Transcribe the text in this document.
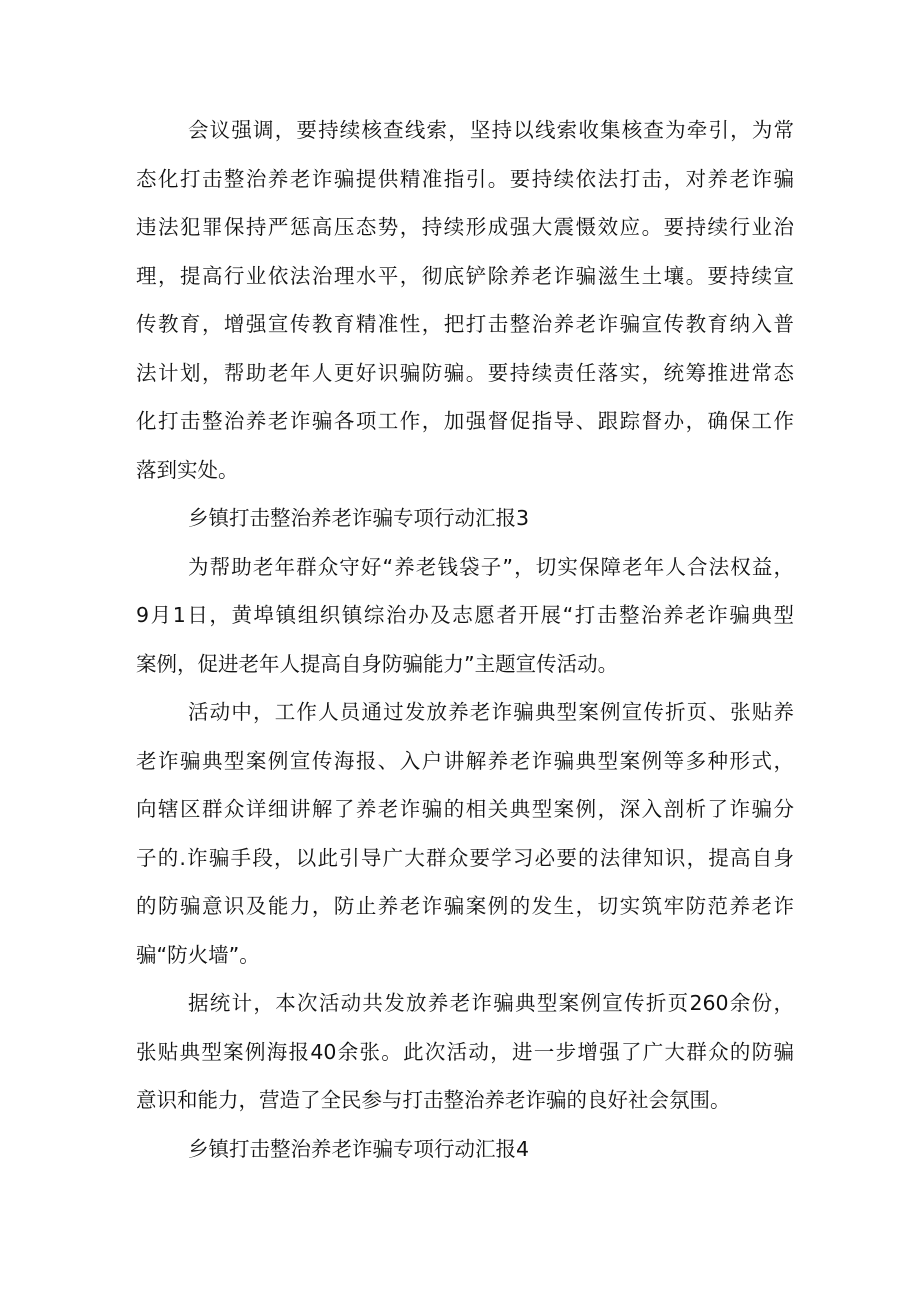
会议强调，要持续核查线索，坚持以线索收集核查为牵引，为常
态化打击整治养老诈骗提供精准指引。要持续依法打击，对养老诈骗
违法犯罪保持严惩高压态势，持续形成强大震慑效应。要持续行业治
理，提高行业依法治理水平，彻底铲除养老诈骗滋生土壤。要持续宣
传教育，增强宣传教育精准性，把打击整治养老诈骗宣传教育纳入普
法计划，帮助老年人更好识骗防骗。要持续责任落实，统筹推进常态
化打击整治养老诈骗各项工作，加强督促指导、跟踪督办，确保工作
落到实处。
乡镇打击整治养老诈骗专项行动汇报3
为帮助老年群众守好“养老钱袋子”，切实保障老年人合法权益，
9月1日，黄埠镇组织镇综治办及志愿者开展“打击整治养老诈骗典型
案例，促进老年人提高自身防骗能力”主题宣传活动。
活动中，工作人员通过发放养老诈骗典型案例宣传折页、张贴养
老诈骗典型案例宣传海报、入户讲解养老诈骗典型案例等多种形式，
向辖区群众详细讲解了养老诈骗的相关典型案例，深入剖析了诈骗分
子的.诈骗手段，以此引导广大群众要学习必要的法律知识，提高自身
的防骗意识及能力，防止养老诈骗案例的发生，切实筑牢防范养老诈
骗“防火墙”。
据统计，本次活动共发放养老诈骗典型案例宣传折页260余份，
张贴典型案例海报40余张。此次活动，进一步增强了广大群众的防骗
意识和能力，营造了全民参与打击整治养老诈骗的良好社会氛围。
乡镇打击整治养老诈骗专项行动汇报4
